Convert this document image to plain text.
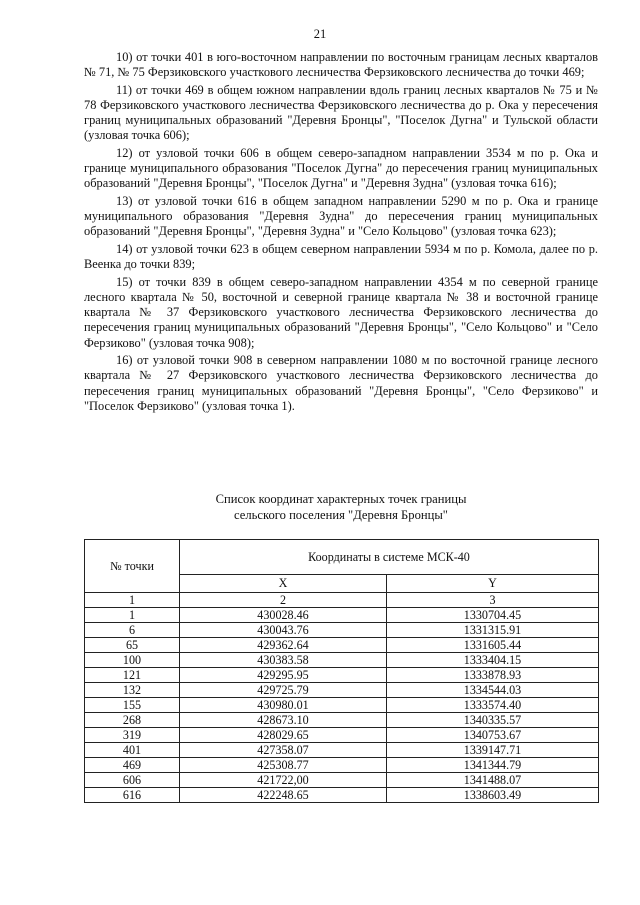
21

10) от точки 401 в юго-восточном направлении по восточным границам лесных кварталов № 71, № 75 Ферзиковского участкового лесничества Ферзиковского лесничества до точки 469;

11) от точки 469 в общем южном направлении вдоль границ лесных кварталов № 75 и № 78 Ферзиковского участкового лесничества Ферзиковского лесничества до р. Ока у пересечения границ муниципальных образований "Деревня Бронцы", "Поселок Дугна" и Тульской области (узловая точка 606);

12) от узловой точки 606 в общем северо-западном направлении 3534 м по р. Ока и границе муниципального образования "Поселок Дугна" до пересечения границ муниципальных образований "Деревня Бронцы", "Поселок Дугна" и "Деревня Зудна" (узловая точка 616);

13) от узловой точки 616 в общем западном направлении 5290 м по р. Ока и границе муниципального образования "Деревня Зудна" до пересечения границ муниципальных образований "Деревня Бронцы", "Деревня Зудна" и "Село Кольцово" (узловая точка 623);

14) от узловой точки 623 в общем северном направлении 5934 м по р. Комола, далее по р. Веенка до точки 839;

15) от точки 839 в общем северо-западном направлении 4354 м по северной границе лесного квартала № 50, восточной и северной границе квартала № 38 и восточной границе квартала № 37 Ферзиковского участкового лесничества Ферзиковского лесничества до пересечения границ муниципальных образований "Деревня Бронцы", "Село Кольцово" и "Село Ферзиково" (узловая точка 908);

16) от узловой точки 908 в северном направлении 1080 м по восточной границе лесного квартала № 27 Ферзиковского участкового лесничества Ферзиковского лесничества до пересечения границ муниципальных образований "Деревня Бронцы", "Село Ферзиково" и "Поселок Ферзиково" (узловая точка 1).

Список координат характерных точек границы
сельского поселения "Деревня Бронцы"
№ точки	Координаты в системе МСК-40	
	X	Y
1	2	3
1	430028.46	1330704.45
6	430043.76	1331315.91
65	429362.64	1331605.44
100	430383.58	1333404.15
121	429295.95	1333878.93
132	429725.79	1334544.03
155	430980.01	1333574.40
268	428673.10	1340335.57
319	428029.65	1340753.67
401	427358.07	1339147.71
469	425308.77	1341344.79
606	421722,00	1341488.07
616	422248.65	1338603.49
